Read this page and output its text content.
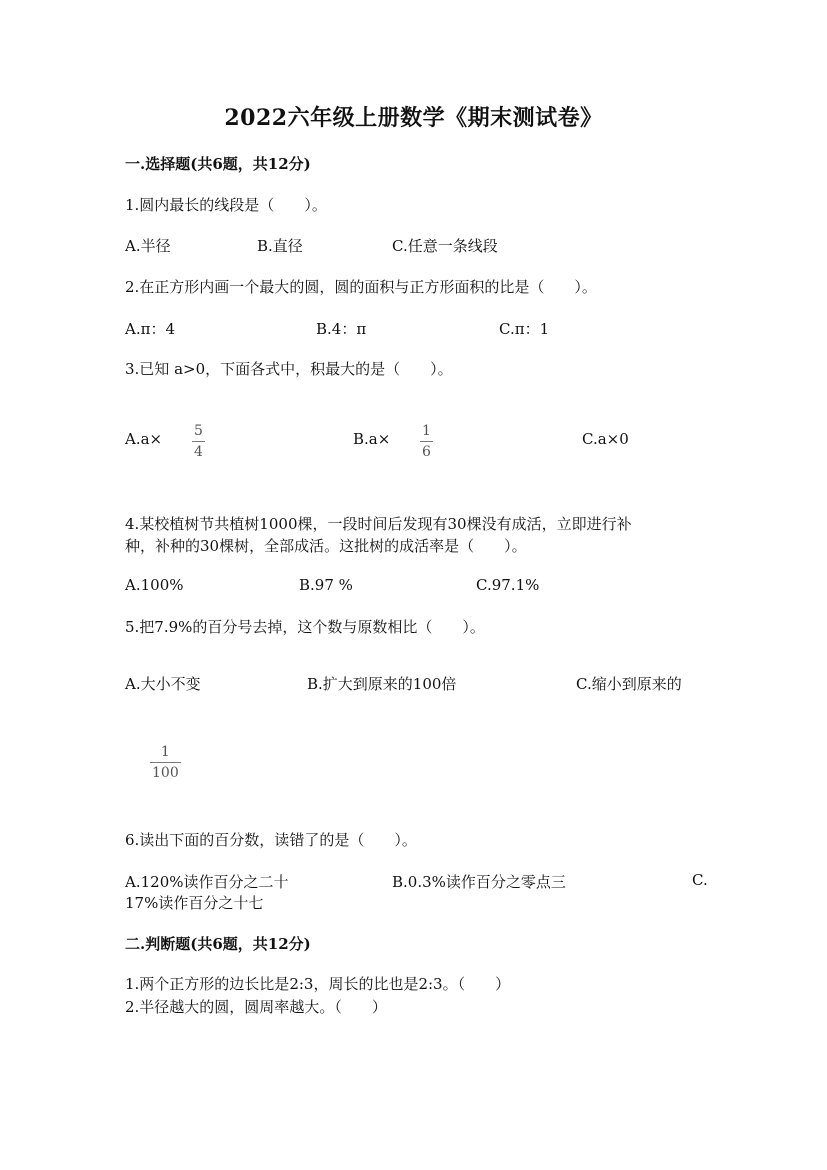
2022六年级上册数学《期末测试卷》
一.选择题(共6题，共12分)
1.圆内最长的线段是（　　）。
A.半径	B.直径	C.任意一条线段
2.在正方形内画一个最大的圆，圆的面积与正方形面积的比是（　　）。
A.π：4	B.4：π	C.π：1
3.已知 a>0，下面各式中，积最大的是（　　）。
$A.a\times \frac{5}{4}$	$B.a\times \frac{1}{6}$	C.a×0
4.某校植树节共植树1000棵，一段时间后发现有30棵没有成活，立即进行补
种，补种的30棵树，全部成活。这批树的成活率是（　　）。
A.100%	B.97 %	C.97.1%
5.把7.9%的百分号去掉，这个数与原数相比（　　）。
A.大小不变	B.扩大到原来的100倍	C.缩小到原来的
$\frac{1}{100}$
6.读出下面的百分数，读错了的是（　　）。
A.120%读作百分之二十	B.0.3%读作百分之零点三	C.
17%读作百分之十七
二.判断题(共6题，共12分)
1.两个正方形的边长比是2:3，周长的比也是2:3。（　　）
2.半径越大的圆，圆周率越大。（　　）
